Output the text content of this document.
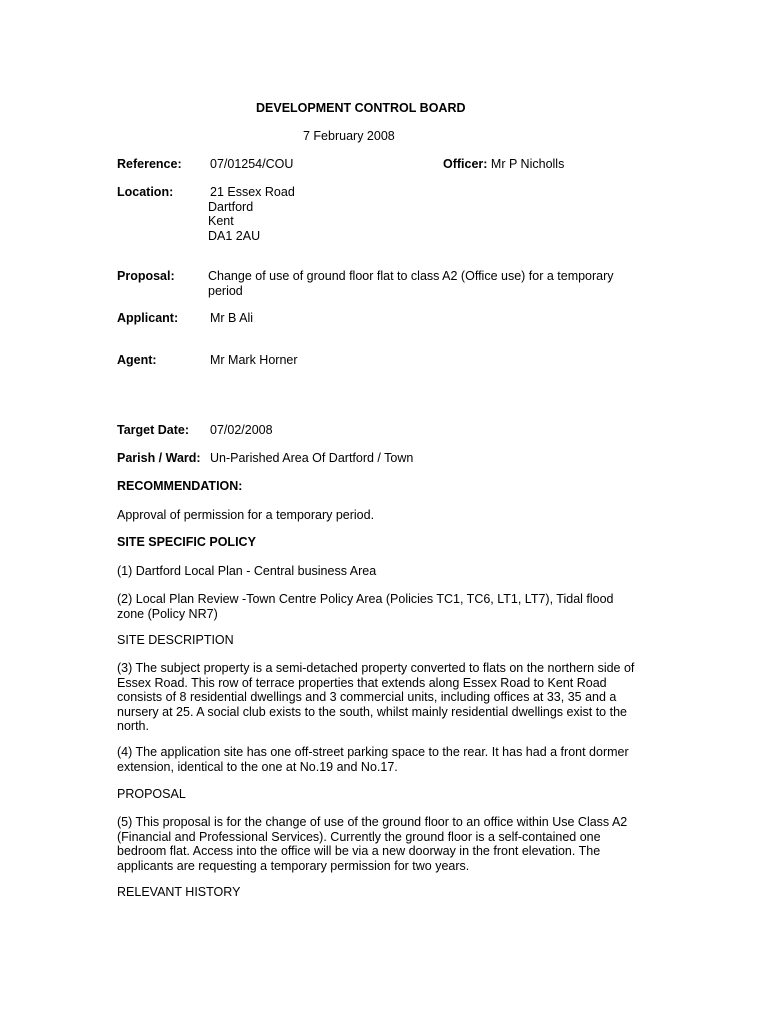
DEVELOPMENT CONTROL BOARD
7 February 2008
Reference: 07/01254/COU	Officer: Mr P Nicholls
Location:	21 Essex Road
Dartford
Kent
DA1 2AU
Proposal:	Change of use of ground floor flat to class A2 (Office use) for a temporary
period
Applicant:	Mr B Ali
Agent:	Mr Mark Horner
Target Date: 07/02/2008
Parish / Ward: Un-Parished Area Of Dartford / Town
RECOMMENDATION:
Approval of permission for a temporary period.
SITE SPECIFIC POLICY
(1) Dartford Local Plan - Central business Area
(2) Local Plan Review -Town Centre Policy Area (Policies TC1, TC6, LT1, LT7), Tidal flood
zone (Policy NR7)
SITE DESCRIPTION
(3) The subject property is a semi-detached property converted to flats on the northern side of
Essex Road. This row of terrace properties that extends along Essex Road to Kent Road
consists of 8 residential dwellings and 3 commercial units, including offices at 33, 35 and a
nursery at 25. A social club exists to the south, whilst mainly residential dwellings exist to the
north.
(4) The application site has one off-street parking space to the rear. It has had a front dormer
extension, identical to the one at No.19 and No.17.
PROPOSAL
(5) This proposal is for the change of use of the ground floor to an office within Use Class A2
(Financial and Professional Services). Currently the ground floor is a self-contained one
bedroom flat. Access into the office will be via a new doorway in the front elevation. The
applicants are requesting a temporary permission for two years.
RELEVANT HISTORY
